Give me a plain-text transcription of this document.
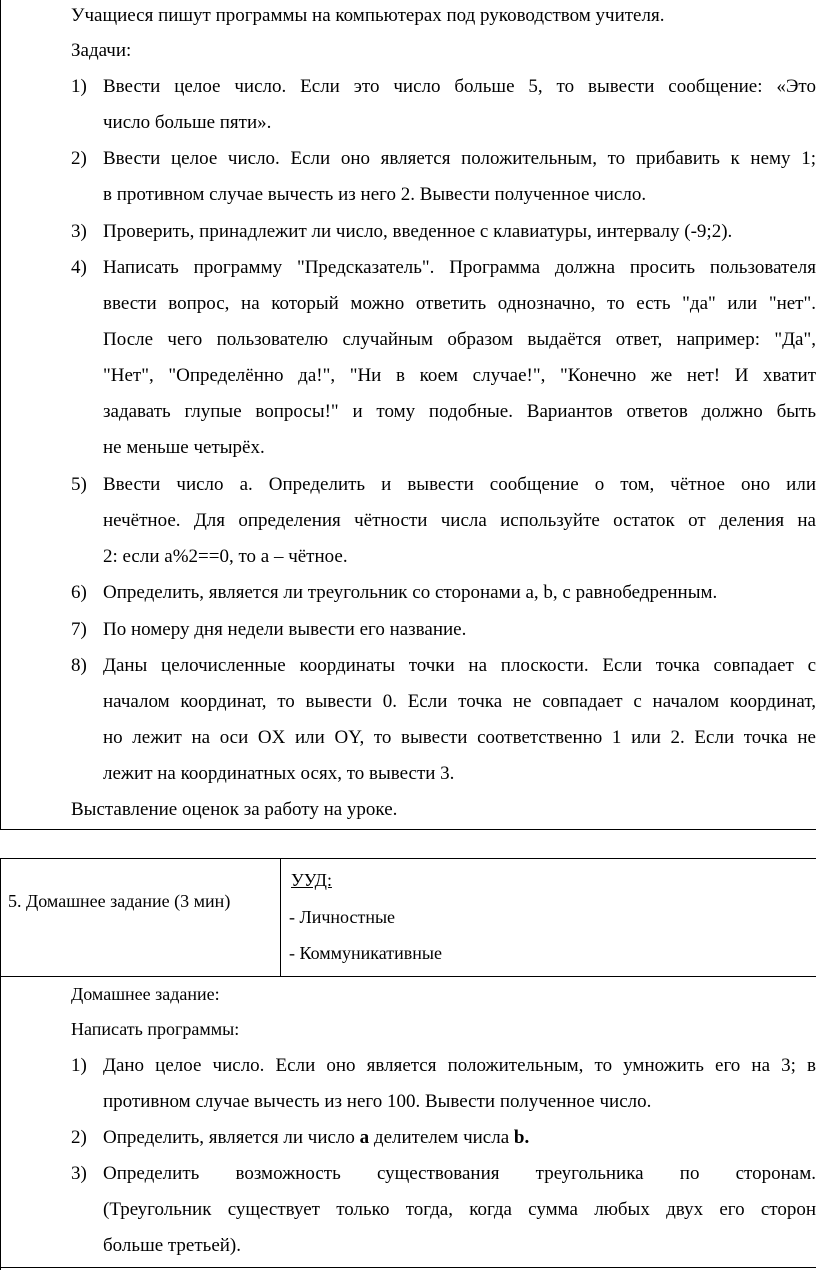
Учащиеся пишут программы на компьютерах под руководством учителя.
Задачи:
1) Ввести целое число. Если это число больше 5, то вывести сообщение: «Это
число больше пяти».
2) Ввести целое число. Если оно является положительным, то прибавить к нему 1;
в противном случае вычесть из него 2. Вывести полученное число.
3) Проверить, принадлежит ли число, введенное с клавиатуры, интервалу (-9;2).
4) Написать программу "Предсказатель". Программа должна просить пользователя
ввести вопрос, на который можно ответить однозначно, то есть "да" или "нет".
После чего пользователю случайным образом выдаётся ответ, например: "Да",
"Нет", "Определённо да!", "Ни в коем случае!", "Конечно же нет! И хватит
задавать глупые вопросы!" и тому подобные. Вариантов ответов должно быть
не меньше четырёх.
5) Ввести число a. Определить и вывести сообщение о том, чётное оно или
нечётное. Для определения чётности числа используйте остаток от деления на
2: если a%2==0, то a – чётное.
6) Определить, является ли треугольник со сторонами a, b, c равнобедренным.
7) По номеру дня недели вывести его название.
8) Даны целочисленные координаты точки на плоскости. Если точка совпадает с
началом координат, то вывести 0. Если точка не совпадает с началом координат,
но лежит на оси OX или OY, то вывести соответственно 1 или 2. Если точка не
лежит на координатных осях, то вывести 3.
Выставление оценок за работу на уроке.
5. Домашнее задание (3 мин)
УУД:
- Личностные
- Коммуникативные
Домашнее задание:
Написать программы:
1) Дано целое число. Если оно является положительным, то умножить его на 3; в
противном случае вычесть из него 100. Вывести полученное число.
2) Определить, является ли число a делителем числа b.
3) Определить возможность существования треугольника по сторонам.
(Треугольник существует только тогда, когда сумма любых двух его сторон
больше третьей).
